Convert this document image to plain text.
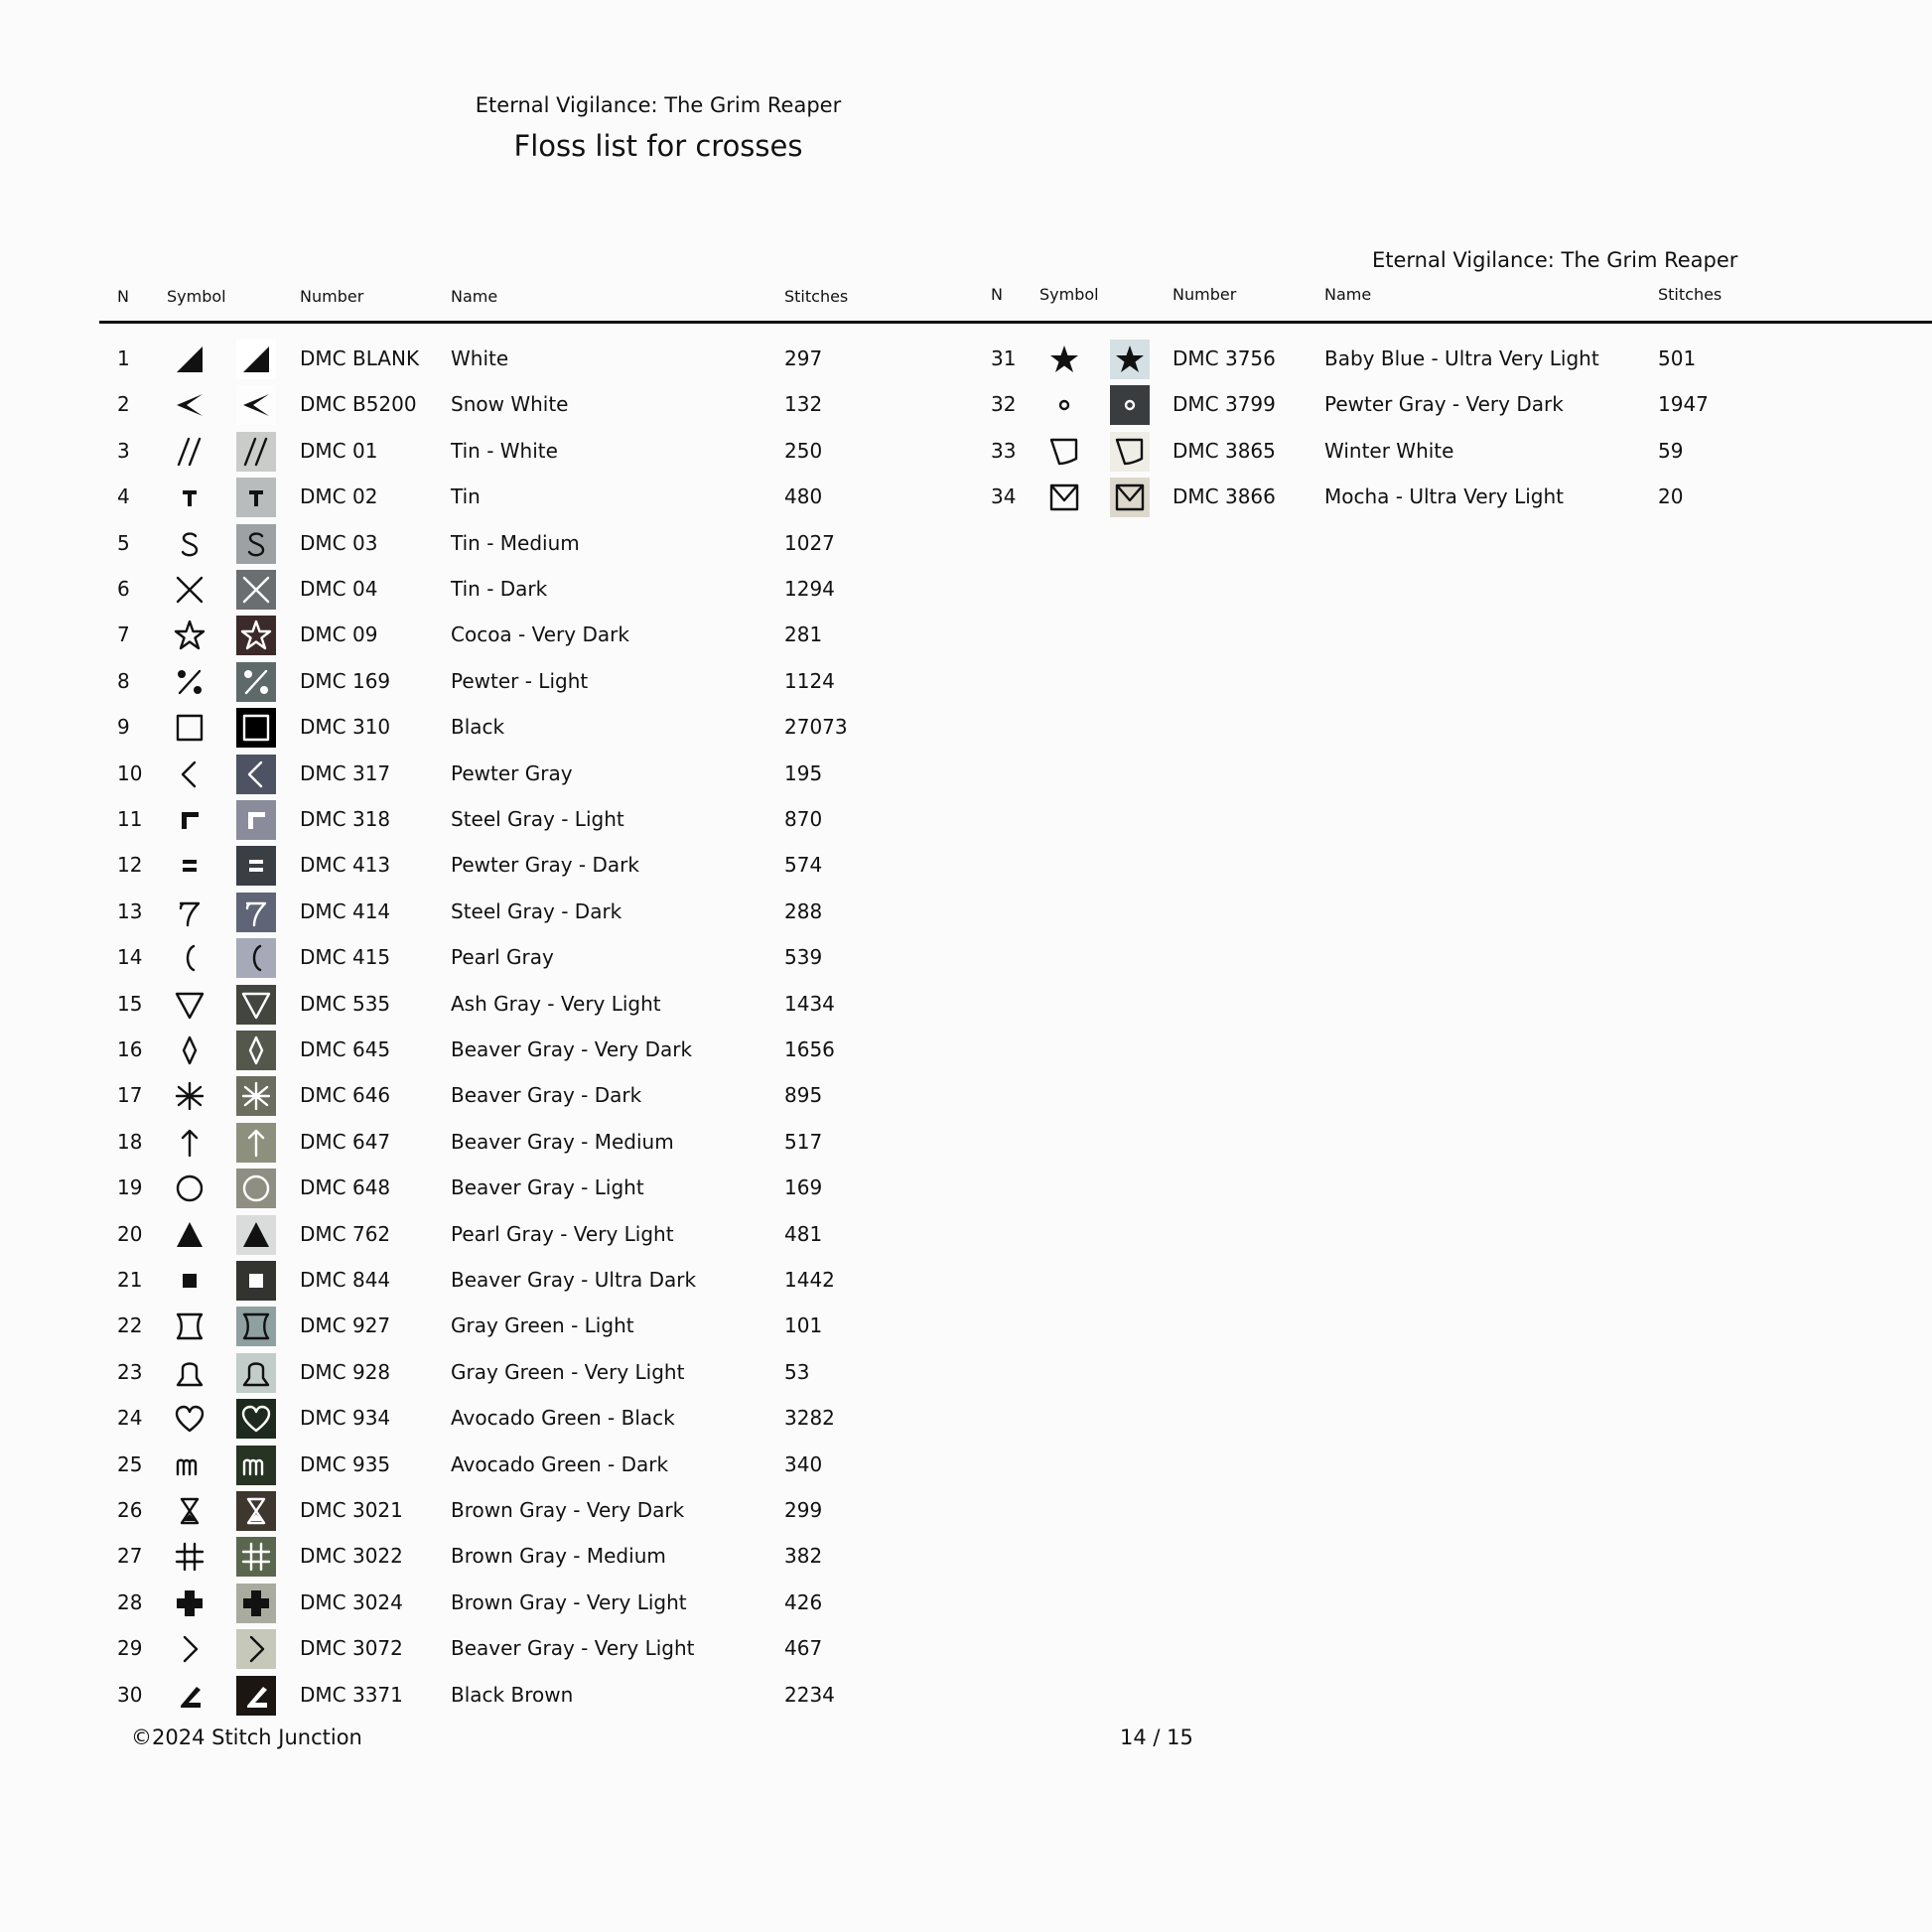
Eternal Vigilance: The Grim Reaper
Floss list for crosses
Eternal Vigilance: The Grim Reaper
N Symbol	Number	Name	Stitches	N Symbol	Number	Name	Stitches
1	DMC BLANK White	297
2	DMC B5200 Snow White	132
3	DMC 01	Tin - White	250
4	DMC 02	Tin	480
5	DMC 03	Tin - Medium	1027
6	DMC 04	Tin - Dark	1294
7	DMC 09	Cocoa - Very Dark	281
8	DMC 169	Pewter - Light	1124
9	DMC 310	Black	27073
10	DMC 317	Pewter Gray	195
11	DMC 318	Steel Gray - Light	870
12	DMC 413	Pewter Gray - Dark	574
13	DMC 414	Steel Gray - Dark	288
14	DMC 415	Pearl Gray	539
15	DMC 535	Ash Gray - Very Light	1434
16	DMC 645	Beaver Gray - Very Dark	1656
17	DMC 646	Beaver Gray - Dark	895
18	DMC 647	Beaver Gray - Medium	517
19	DMC 648	Beaver Gray - Light	169
20	DMC 762	Pearl Gray - Very Light	481
21	DMC 844	Beaver Gray - Ultra Dark	1442
22	DMC 927	Gray Green - Light	101
23	DMC 928	Gray Green - Very Light	53
24	DMC 934	Avocado Green - Black	3282
25	DMC 935	Avocado Green - Dark	340
26	DMC 3021 Brown Gray - Very Dark	299
27	DMC 3022 Brown Gray - Medium	382
28	DMC 3024 Brown Gray - Very Light	426
29	DMC 3072 Beaver Gray - Very Light	467
30	DMC 3371 Black Brown	2234
31	DMC 3756 Baby Blue - Ultra Very Light	501
32	DMC 3799 Pewter Gray - Very Dark	1947
33	DMC 3865 Winter White	59
34	DMC 3866 Mocha - Ultra Very Light	20
©2024 Stitch Junction	14 / 15
